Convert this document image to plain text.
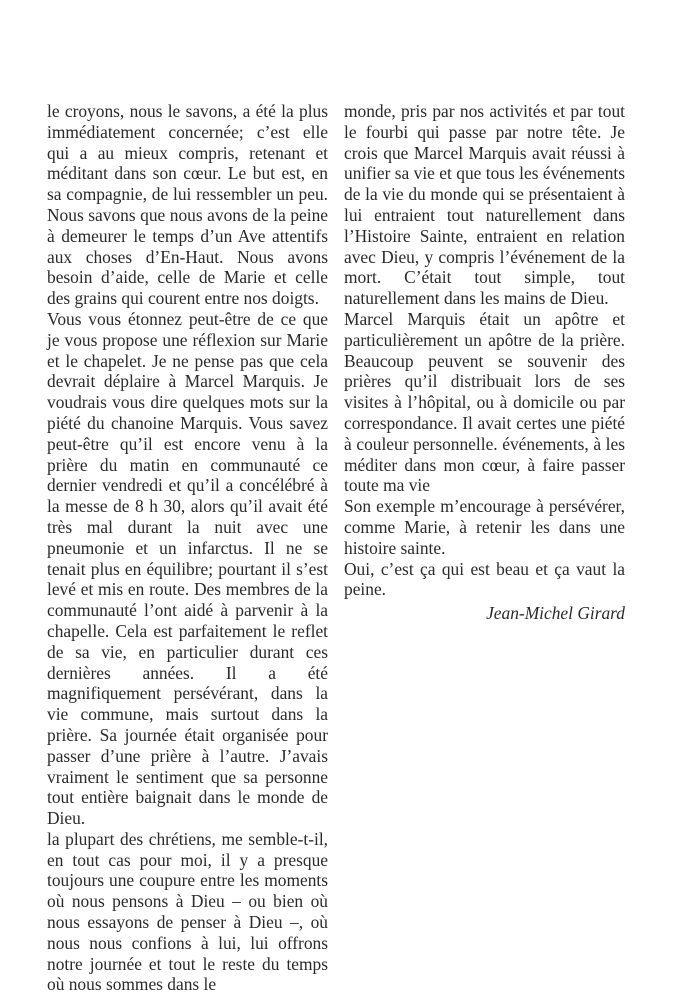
le croyons, nous le savons, a été la plus immédiatement concernée; c’est elle qui a au mieux compris, retenant et méditant dans son cœur. Le but est, en sa compagnie, de lui ressembler un peu. Nous savons que nous avons de la peine à demeurer le temps d’un Ave attentifs aux choses d’En-Haut. Nous avons besoin d’aide, celle de Marie et celle des grains qui courent entre nos doigts.

Vous vous étonnez peut-être de ce que je vous propose une réflexion sur Marie et le chapelet. Je ne pense pas que cela devrait déplaire à Marcel Marquis. Je voudrais vous dire quelques mots sur la piété du chanoine Marquis. Vous savez peut-être qu’il est encore venu à la prière du matin en communauté ce dernier vendredi et qu’il a concélébré à la messe de 8 h 30, alors qu’il avait été très mal durant la nuit avec une pneumonie et un infarctus. Il ne se tenait plus en équilibre; pourtant il s’est levé et mis en route. Des membres de la communauté l’ont aidé à parvenir à la chapelle. Cela est parfaitement le reflet de sa vie, en particulier durant ces dernières années. Il a été magnifiquement persévérant, dans la vie commune, mais surtout dans la prière. Sa journée était organisée pour passer d’une prière à l’autre. J’avais vraiment le sentiment que sa personne tout entière baignait dans le monde de Dieu.

la plupart des chrétiens, me semble-t-il, en tout cas pour moi, il y a presque toujours une coupure entre les moments où nous pensons à Dieu – ou bien où nous essayons de penser à Dieu –, où nous nous confions à lui, lui offrons notre journée et tout le reste du temps où nous sommes dans le

monde, pris par nos activités et par tout le fourbi qui passe par notre tête. Je crois que Marcel Marquis avait réussi à unifier sa vie et que tous les événements de la vie du monde qui se présentaient à lui entraient tout naturellement dans l’Histoire Sainte, entraient en relation avec Dieu, y compris l’événement de la mort. C’était tout simple, tout naturellement dans les mains de Dieu.

Marcel Marquis était un apôtre et particulièrement un apôtre de la prière. Beaucoup peuvent se souvenir des prières qu’il distribuait lors de ses visites à l’hôpital, ou à domicile ou par correspondance. Il avait certes une piété à couleur personnelle. événements, à les méditer dans mon cœur, à faire passer toute ma vie

Son exemple m’encourage à persévérer, comme Marie, à retenir les dans une histoire sainte.

Oui, c’est ça qui est beau et ça vaut la peine.

Jean-Michel Girard
